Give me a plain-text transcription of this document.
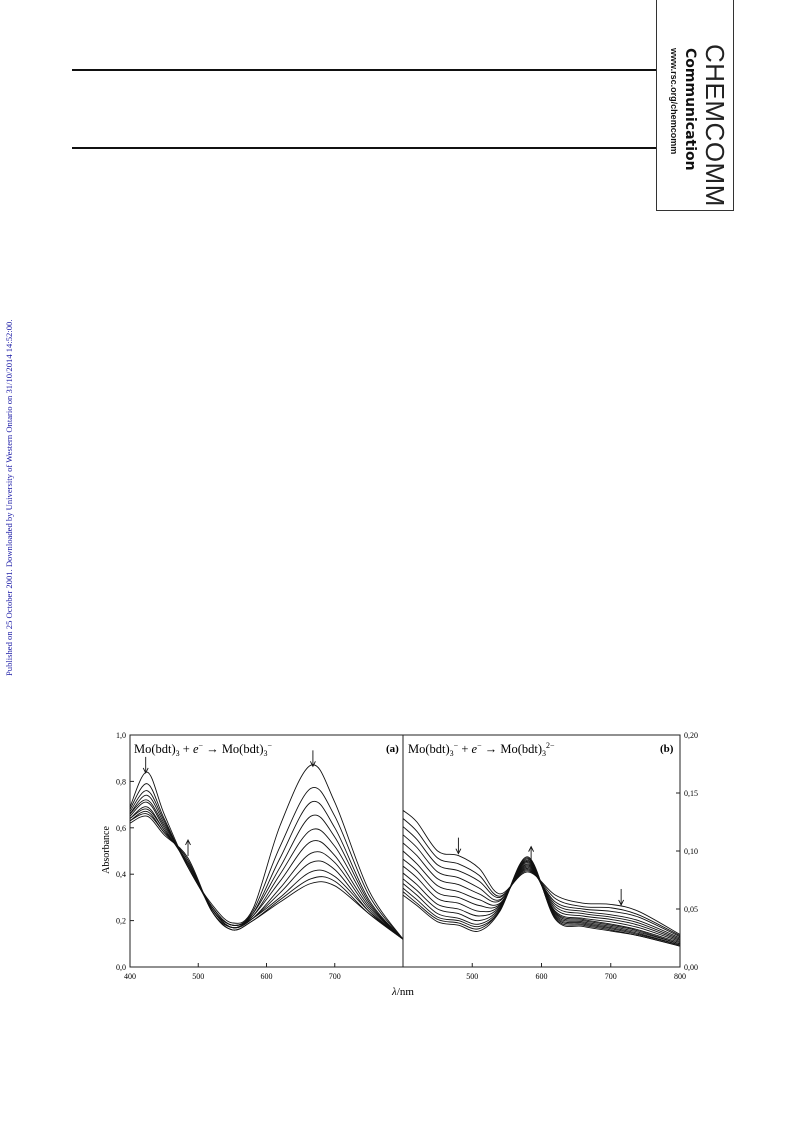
CHEMCOMM
Communication
www.rsc.org/chemcomm
Published on 25 October 2001. Downloaded by University of Western Ontario on 31/10/2014 14:52:00.
400	500	600	700
0,0
0,2
0,4
0,6
0,8
1,0
500	600	700	800
0,00
0,05
0,10
0,15
0,20
$Mo(bdt)_3 + e^- \to Mo(bdt)_3^-$	(a) $Mo(bdt)_3^- + e^- \to Mo(bdt)_3^{2-}$	(b)
Absorbance
λ/nm
